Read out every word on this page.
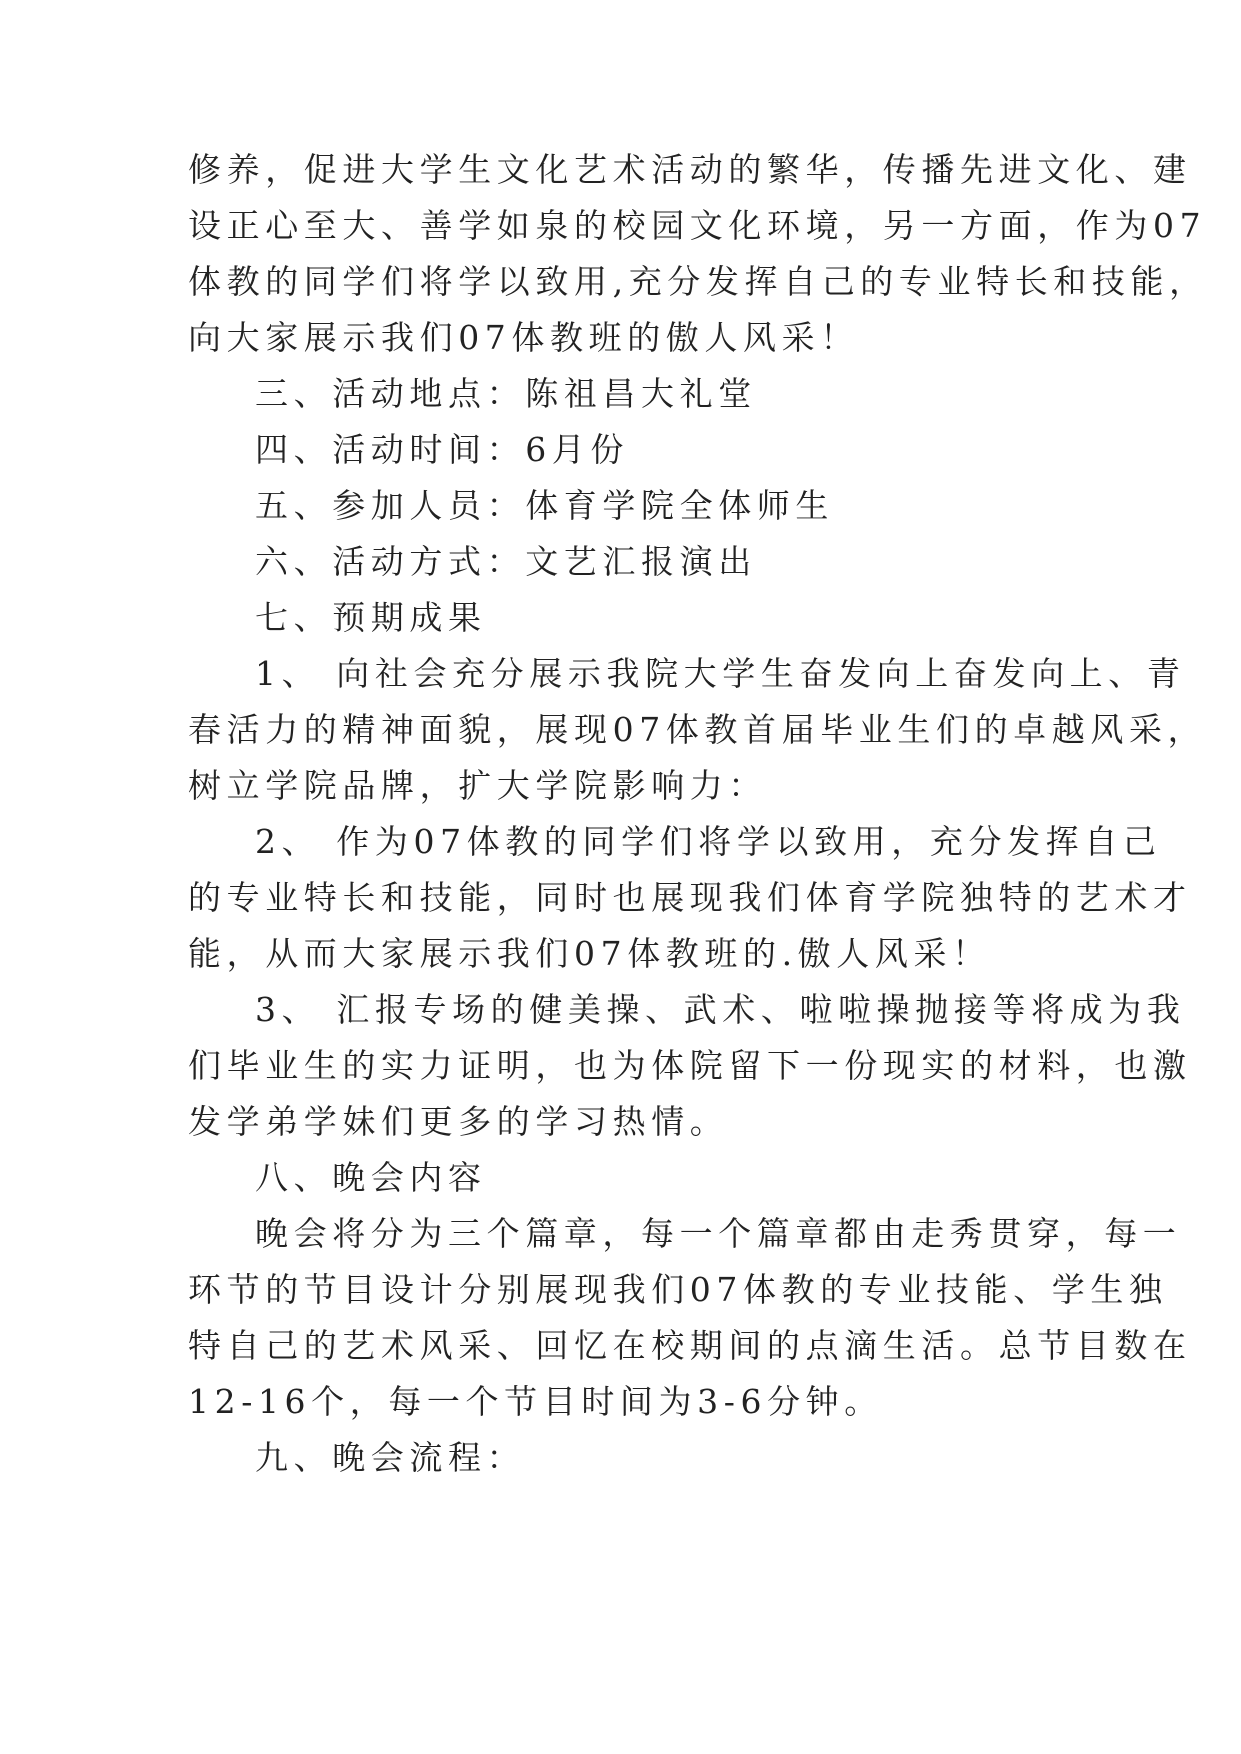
修养，促进大学生文化艺术活动的繁华，传播先进文化、建
设正心至大、善学如泉的校园文化环境，另一方面，作为07
体教的同学们将学以致用,充分发挥自己的专业特长和技能，
向大家展示我们07体教班的傲人风采！
三、活动地点：陈祖昌大礼堂
四、活动时间：6月份
五、参加人员：体育学院全体师生
六、活动方式：文艺汇报演出
七、预期成果
1、 向社会充分展示我院大学生奋发向上奋发向上、青
春活力的精神面貌，展现07体教首届毕业生们的卓越风采，
树立学院品牌，扩大学院影响力：
2、 作为07体教的同学们将学以致用，充分发挥自己
的专业特长和技能，同时也展现我们体育学院独特的艺术才
能，从而大家展示我们07体教班的.傲人风采！
3、 汇报专场的健美操、武术、啦啦操抛接等将成为我
们毕业生的实力证明，也为体院留下一份现实的材料，也激
发学弟学妹们更多的学习热情。
八、晚会内容
晚会将分为三个篇章，每一个篇章都由走秀贯穿，每一
环节的节目设计分别展现我们07体教的专业技能、学生独
特自己的艺术风采、回忆在校期间的点滴生活。总节目数在
12-16个，每一个节目时间为3-6分钟。
九、晚会流程：
